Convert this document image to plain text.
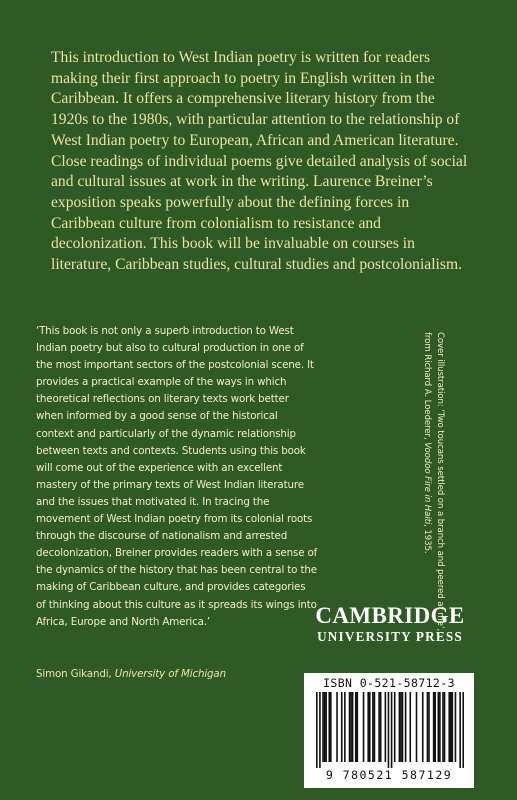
This introduction to West Indian poetry is written for readers making their first approach to poetry in English written in the Caribbean. It offers a comprehensive literary history from the 1920s to the 1980s, with particular attention to the relationship of West Indian poetry to European, African and American literature. Close readings of individual poems give detailed analysis of social and cultural issues at work in the writing. Laurence Breiner’s exposition speaks powerfully about the defining forces in Caribbean culture from colonialism to resistance and decolonization. This book will be invaluable on courses in literature, Caribbean studies, cultural studies and postcolonialism.

‘This book is not only a superb introduction to West Indian poetry but also to cultural production in one of the most important sectors of the postcolonial scene. It provides a practical example of the ways in which theoretical reflections on literary texts work better when informed by a good sense of the historical context and particularly of the dynamic relationship between texts and contexts. Students using this book will come out of the experience with an excellent mastery of the primary texts of West Indian literature and the issues that motivated it. In tracing the movement of West Indian poetry from its colonial roots through the discourse of nationalism and arrested decolonization, Breiner provides readers with a sense of the dynamics of the history that has been central to the making of Caribbean culture, and provides categories of thinking about this culture as it spreads its wings into Africa, Europe and North America.’

Simon Gikandi, University of Michigan
Cover illustration: ‘Two toucans settled on a branch and peered at me’,
from Richard A. Loederer, Voodoo Fire in Haiti, 1935.
CAMBRIDGE
UNIVERSITY PRESS
ISBN 0-521-58712-3
9 780521 587129
